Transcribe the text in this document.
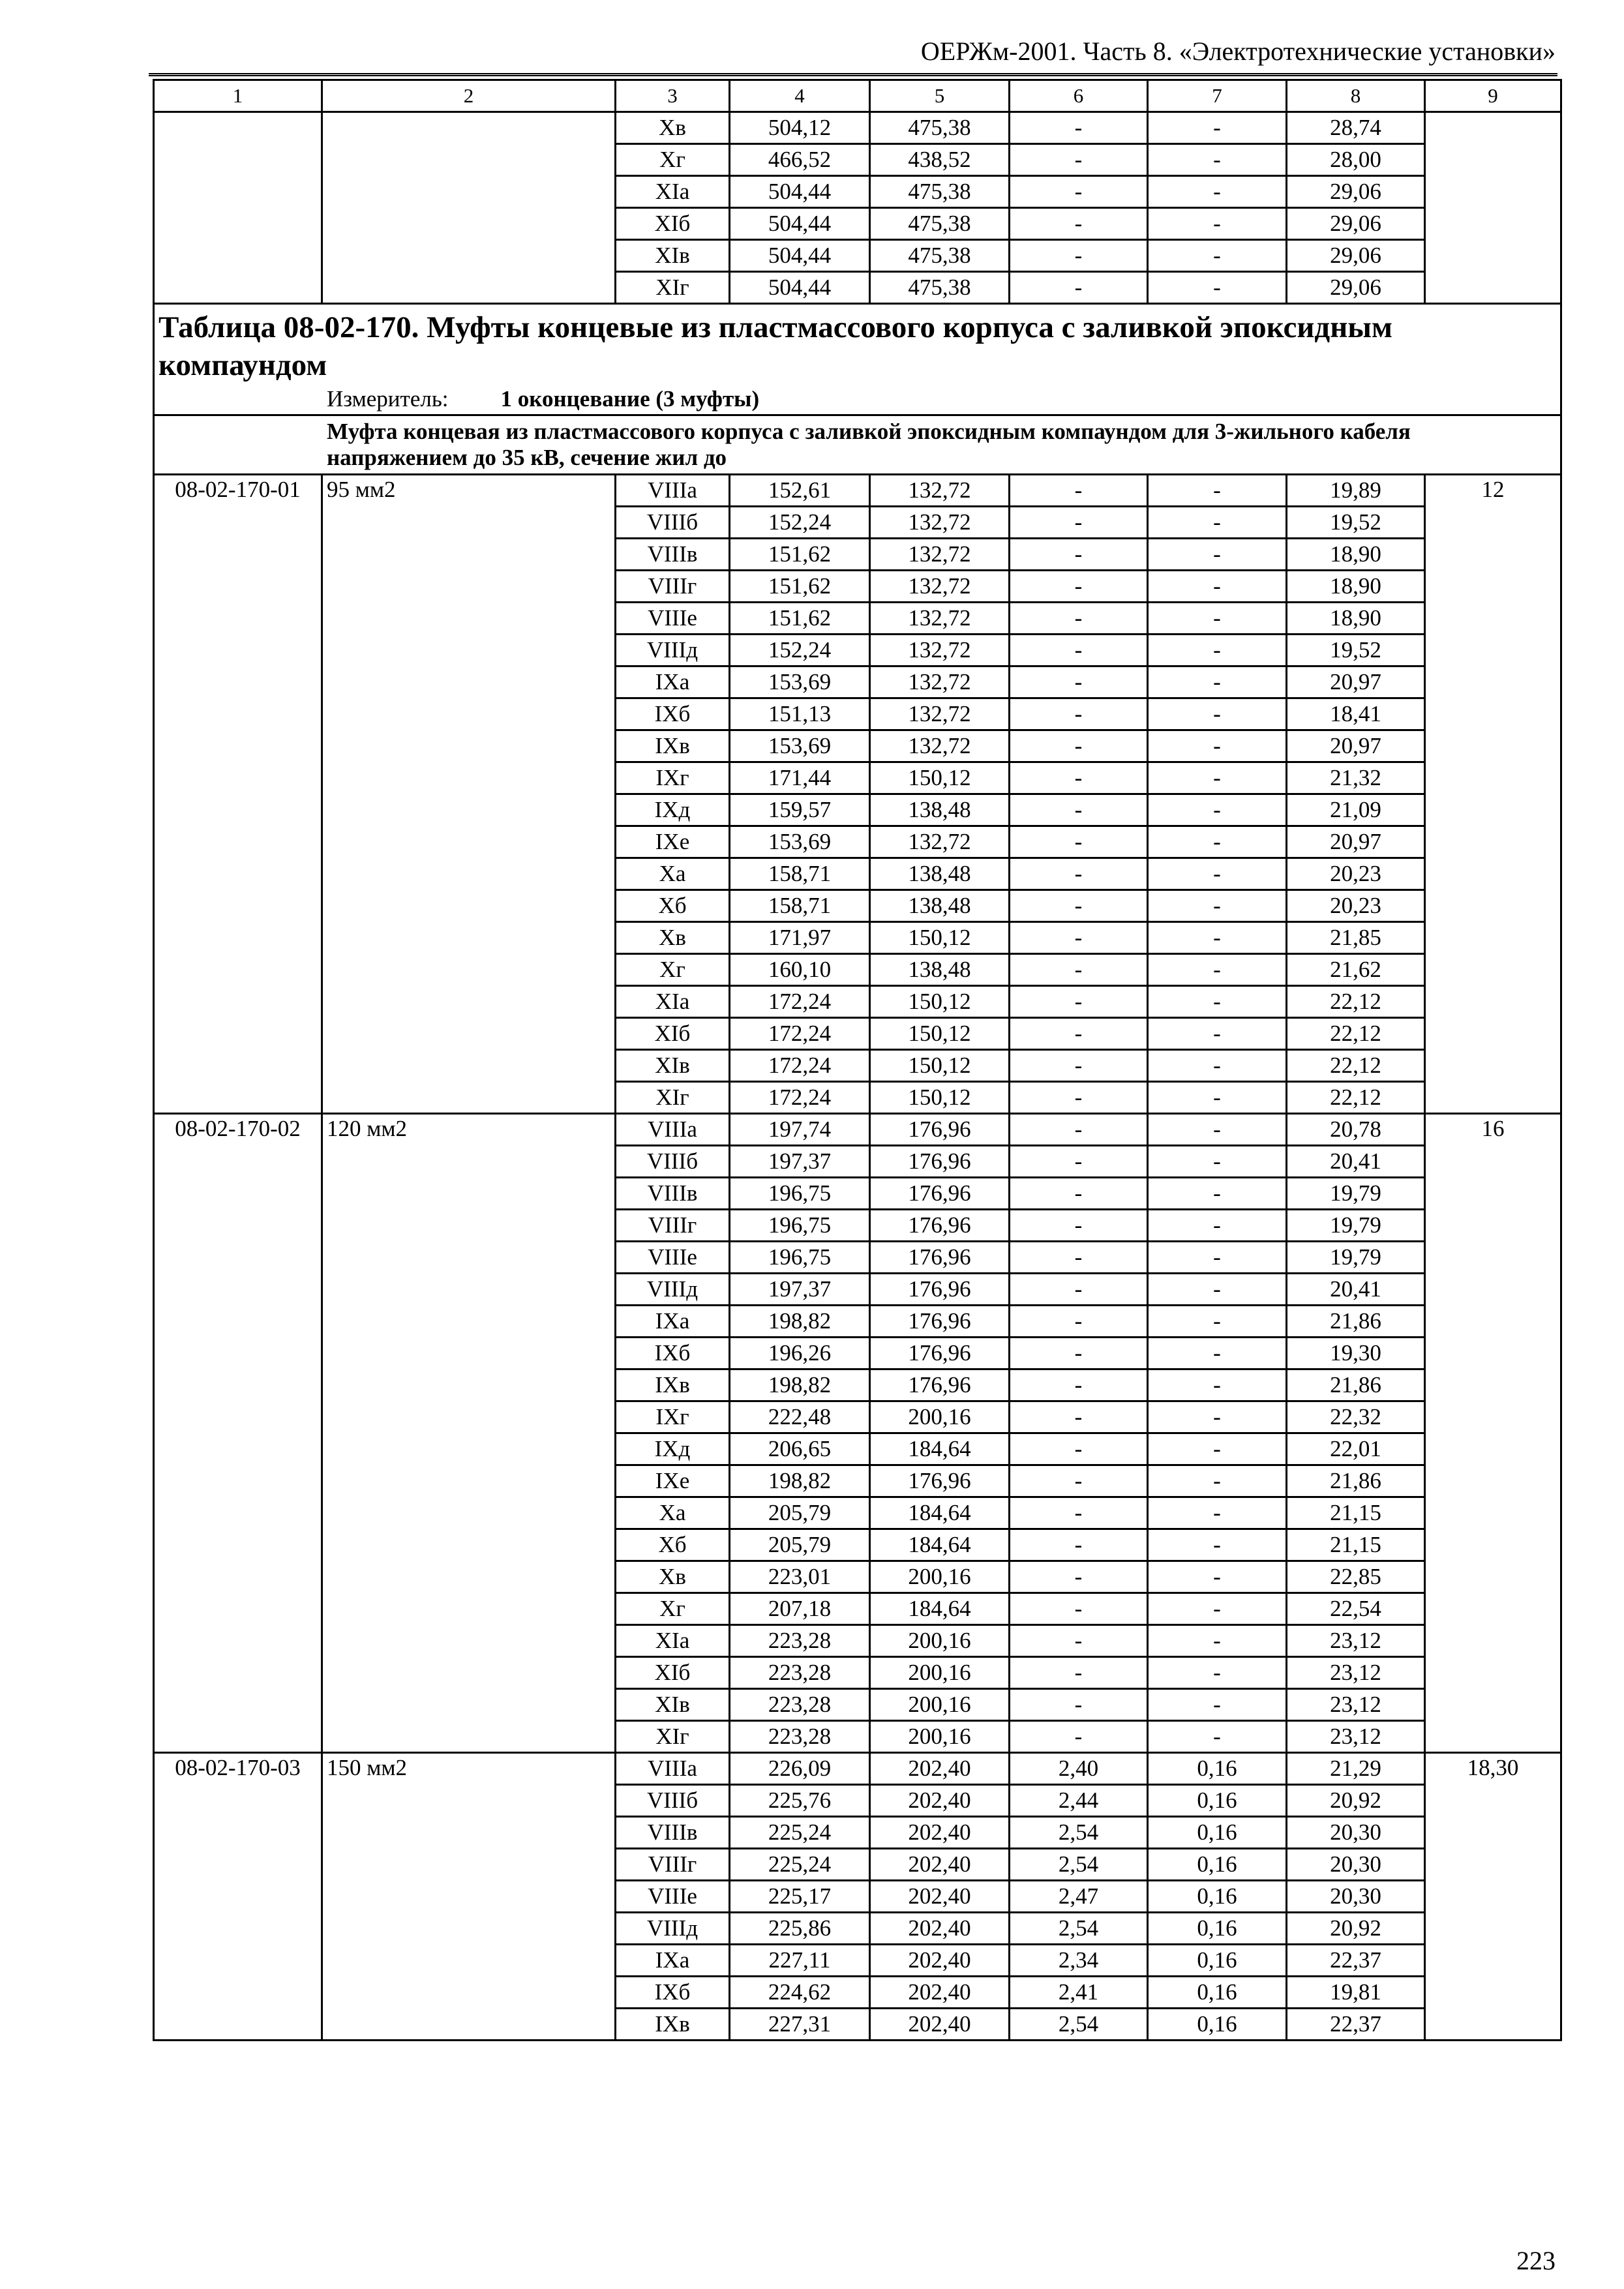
ОЕРЖм-2001. Часть 8. «Электротехнические установки»
1	2	3	4	5	6	7	8	9
		Хв	504,12	475,38	-	-	28,74	
		Хг	466,52	438,52	-	-	28,00	
		ХIа	504,44	475,38	-	-	29,06	
		ХIб	504,44	475,38	-	-	29,06	
		ХIв	504,44	475,38	-	-	29,06	
		ХIг	504,44	475,38	-	-	29,06	

Таблица 08-02-170. Муфты концевые из пластмассового корпуса с заливкой эпоксидным компаундом
Измеритель: 1 оконцевание (3 муфты)								

Муфта концевая из пластмассового корпуса с заливкой эпоксидным компаундом для 3-жильного кабеля напряжением до 35 кВ, сечение жил до								

08-02-170-01	95 мм2	VIIIа	152,61	132,72	-	-	19,89	12
		VIIIб	152,24	132,72	-	-	19,52	
		VIIIв	151,62	132,72	-	-	18,90	
		VIIIг	151,62	132,72	-	-	18,90	
		VIIIе	151,62	132,72	-	-	18,90	
		VIIIд	152,24	132,72	-	-	19,52	
		IХа	153,69	132,72	-	-	20,97	
		IХб	151,13	132,72	-	-	18,41	
		IХв	153,69	132,72	-	-	20,97	
		IХг	171,44	150,12	-	-	21,32	
		IХд	159,57	138,48	-	-	21,09	
		IХе	153,69	132,72	-	-	20,97	
		Ха	158,71	138,48	-	-	20,23	
		Хб	158,71	138,48	-	-	20,23	
		Хв	171,97	150,12	-	-	21,85	
		Хг	160,10	138,48	-	-	21,62	
		ХIа	172,24	150,12	-	-	22,12	
		ХIб	172,24	150,12	-	-	22,12	
		ХIв	172,24	150,12	-	-	22,12	
		ХIг	172,24	150,12	-	-	22,12	
08-02-170-02	120 мм2	VIIIа	197,74	176,96	-	-	20,78	16
		VIIIб	197,37	176,96	-	-	20,41	
		VIIIв	196,75	176,96	-	-	19,79	
		VIIIг	196,75	176,96	-	-	19,79	
		VIIIе	196,75	176,96	-	-	19,79	
		VIIIд	197,37	176,96	-	-	20,41	
		IХа	198,82	176,96	-	-	21,86	
		IХб	196,26	176,96	-	-	19,30	
		IХв	198,82	176,96	-	-	21,86	
		IХг	222,48	200,16	-	-	22,32	
		IХд	206,65	184,64	-	-	22,01	
		IХе	198,82	176,96	-	-	21,86	
		Ха	205,79	184,64	-	-	21,15	
		Хб	205,79	184,64	-	-	21,15	
		Хв	223,01	200,16	-	-	22,85	
		Хг	207,18	184,64	-	-	22,54	
		ХIа	223,28	200,16	-	-	23,12	
		ХIб	223,28	200,16	-	-	23,12	
		ХIв	223,28	200,16	-	-	23,12	
		ХIг	223,28	200,16	-	-	23,12	
08-02-170-03	150 мм2	VIIIа	226,09	202,40	2,40	0,16	21,29	18,30
		VIIIб	225,76	202,40	2,44	0,16	20,92	
		VIIIв	225,24	202,40	2,54	0,16	20,30	
		VIIIг	225,24	202,40	2,54	0,16	20,30	
		VIIIе	225,17	202,40	2,47	0,16	20,30	
		VIIIд	225,86	202,40	2,54	0,16	20,92	
		IХа	227,11	202,40	2,34	0,16	22,37	
		IХб	224,62	202,40	2,41	0,16	19,81	
		IХв	227,31	202,40	2,54	0,16	22,37	
223
